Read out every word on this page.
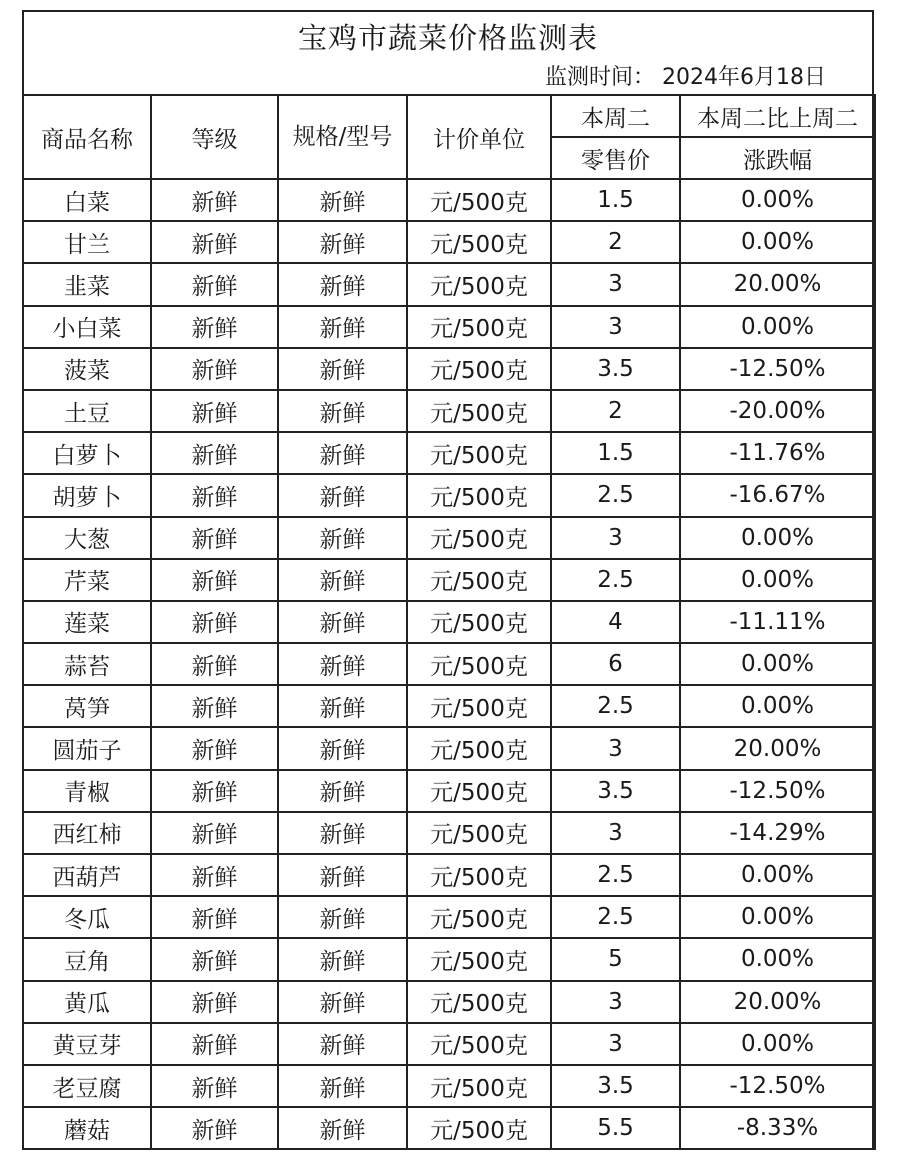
宝鸡市蔬菜价格监测表
监测时间： 2024年6月18日
商品名称	等级	规格/型号	计价单位	本周二	本周二比上周二
				零售价	涨跌幅
白菜	新鲜	新鲜	元/500克	1.5	0.00%
甘兰	新鲜	新鲜	元/500克	2	0.00%
韭菜	新鲜	新鲜	元/500克	3	20.00%
小白菜	新鲜	新鲜	元/500克	3	0.00%
菠菜	新鲜	新鲜	元/500克	3.5	-12.50%
土豆	新鲜	新鲜	元/500克	2	-20.00%
白萝卜	新鲜	新鲜	元/500克	1.5	-11.76%
胡萝卜	新鲜	新鲜	元/500克	2.5	-16.67%
大葱	新鲜	新鲜	元/500克	3	0.00%
芹菜	新鲜	新鲜	元/500克	2.5	0.00%
莲菜	新鲜	新鲜	元/500克	4	-11.11%
蒜苔	新鲜	新鲜	元/500克	6	0.00%
莴笋	新鲜	新鲜	元/500克	2.5	0.00%
圆茄子	新鲜	新鲜	元/500克	3	20.00%
青椒	新鲜	新鲜	元/500克	3.5	-12.50%
西红柿	新鲜	新鲜	元/500克	3	-14.29%
西葫芦	新鲜	新鲜	元/500克	2.5	0.00%
冬瓜	新鲜	新鲜	元/500克	2.5	0.00%
豆角	新鲜	新鲜	元/500克	5	0.00%
黄瓜	新鲜	新鲜	元/500克	3	20.00%
黄豆芽	新鲜	新鲜	元/500克	3	0.00%
老豆腐	新鲜	新鲜	元/500克	3.5	-12.50%
蘑菇	新鲜	新鲜	元/500克	5.5	-8.33%
